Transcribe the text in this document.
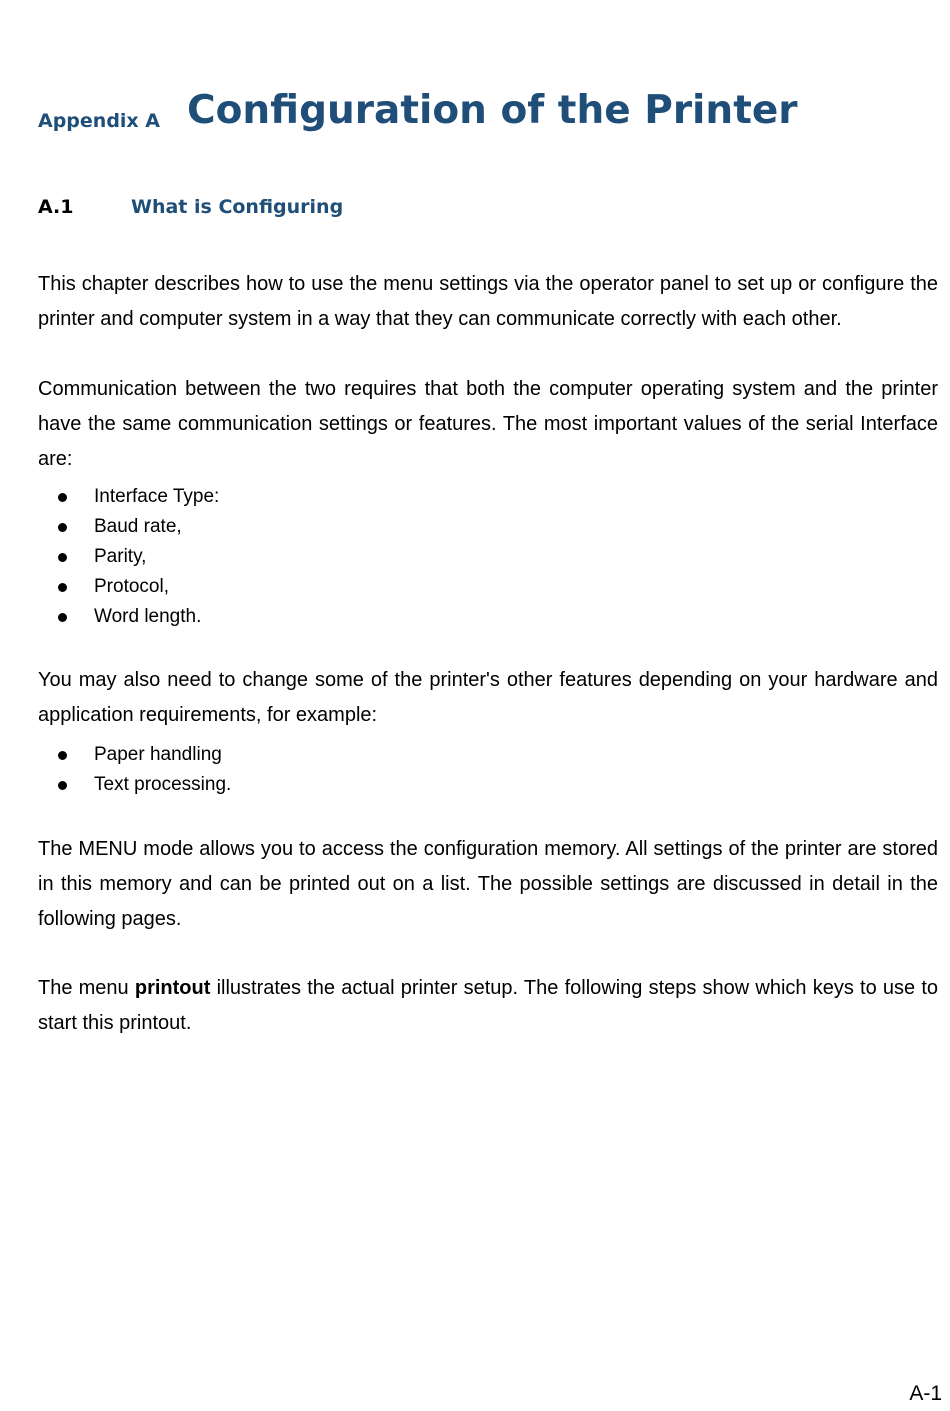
Appendix A Configuration of the Printer
A.1	What is Configuring

This chapter describes how to use the menu settings via the operator panel to set up or configure the printer and computer system in a way that they can communicate correctly with each other.

Communication between the two requires that both the computer operating system and the printer have the same communication settings or features. The most important values of the serial Interface are:

Interface Type:
Baud rate,
Parity,
Protocol,
Word length.

You may also need to change some of the printer's other features depending on your hardware and application requirements, for example:

Paper handling
Text processing.

The MENU mode allows you to access the configuration memory. All settings of the printer are stored in this memory and can be printed out on a list. The possible settings are discussed in detail in the following pages.

The menu printout illustrates the actual printer setup. The following steps show which keys to use to start this printout.

A-1
